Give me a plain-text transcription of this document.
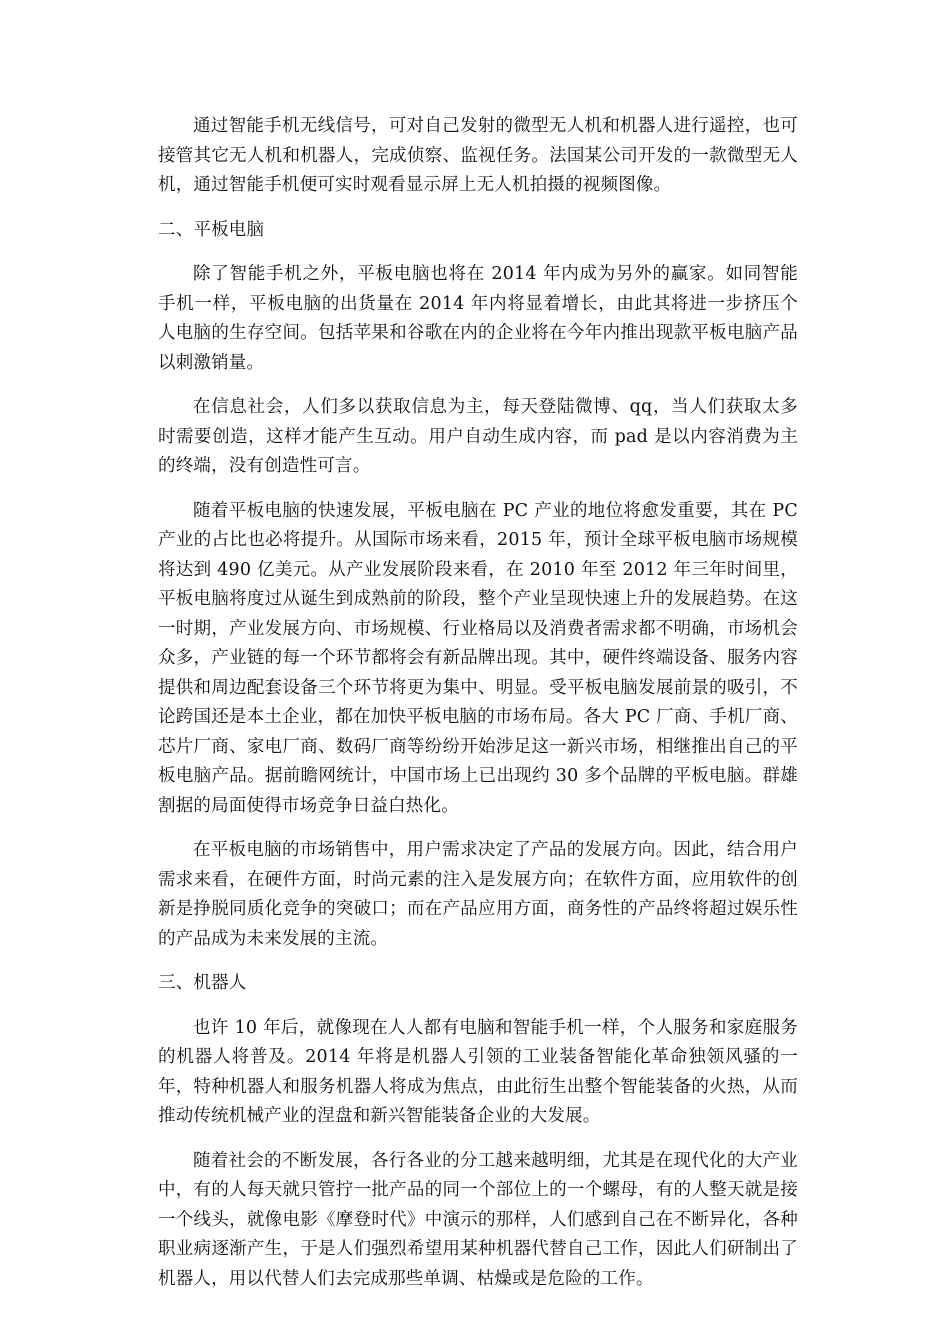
通过智能手机无线信号，可对自己发射的微型无人机和机器人进行遥控，也可接管其它无人机和机器人，完成侦察、监视任务。法国某公司开发的一款微型无人机，通过智能手机便可实时观看显示屏上无人机拍摄的视频图像。

二、平板电脑

除了智能手机之外，平板电脑也将在 2014 年内成为另外的赢家。如同智能手机一样，平板电脑的出货量在 2014 年内将显着增长，由此其将进一步挤压个人电脑的生存空间。包括苹果和谷歌在内的企业将在今年内推出现款平板电脑产品以刺激销量。

在信息社会，人们多以获取信息为主，每天登陆微博、qq，当人们获取太多时需要创造，这样才能产生互动。用户自动生成内容，而 pad 是以内容消费为主的终端，没有创造性可言。

随着平板电脑的快速发展，平板电脑在 PC 产业的地位将愈发重要，其在 PC 产业的占比也必将提升。从国际市场来看，2015 年，预计全球平板电脑市场规模将达到 490 亿美元。从产业发展阶段来看，在 2010 年至 2012 年三年时间里，平板电脑将度过从诞生到成熟前的阶段，整个产业呈现快速上升的发展趋势。在这一时期，产业发展方向、市场规模、行业格局以及消费者需求都不明确，市场机会众多，产业链的每一个环节都将会有新品牌出现。其中，硬件终端设备、服务内容提供和周边配套设备三个环节将更为集中、明显。受平板电脑发展前景的吸引，不论跨国还是本土企业，都在加快平板电脑的市场布局。各大 PC 厂商、手机厂商、芯片厂商、家电厂商、数码厂商等纷纷开始涉足这一新兴市场，相继推出自己的平板电脑产品。据前瞻网统计，中国市场上已出现约 30 多个品牌的平板电脑。群雄割据的局面使得市场竞争日益白热化。

在平板电脑的市场销售中，用户需求决定了产品的发展方向。因此，结合用户需求来看，在硬件方面，时尚元素的注入是发展方向；在软件方面，应用软件的创新是挣脱同质化竞争的突破口；而在产品应用方面，商务性的产品终将超过娱乐性的产品成为未来发展的主流。

三、机器人

也许 10 年后，就像现在人人都有电脑和智能手机一样，个人服务和家庭服务的机器人将普及。2014 年将是机器人引领的工业装备智能化革命独领风骚的一年，特种机器人和服务机器人将成为焦点，由此衍生出整个智能装备的火热，从而推动传统机械产业的涅盘和新兴智能装备企业的大发展。

随着社会的不断发展，各行各业的分工越来越明细，尤其是在现代化的大产业中，有的人每天就只管拧一批产品的同一个部位上的一个螺母，有的人整天就是接一个线头，就像电影《摩登时代》中演示的那样，人们感到自己在不断异化，各种职业病逐渐产生，于是人们强烈希望用某种机器代替自己工作，因此人们研制出了机器人，用以代替人们去完成那些单调、枯燥或是危险的工作。
